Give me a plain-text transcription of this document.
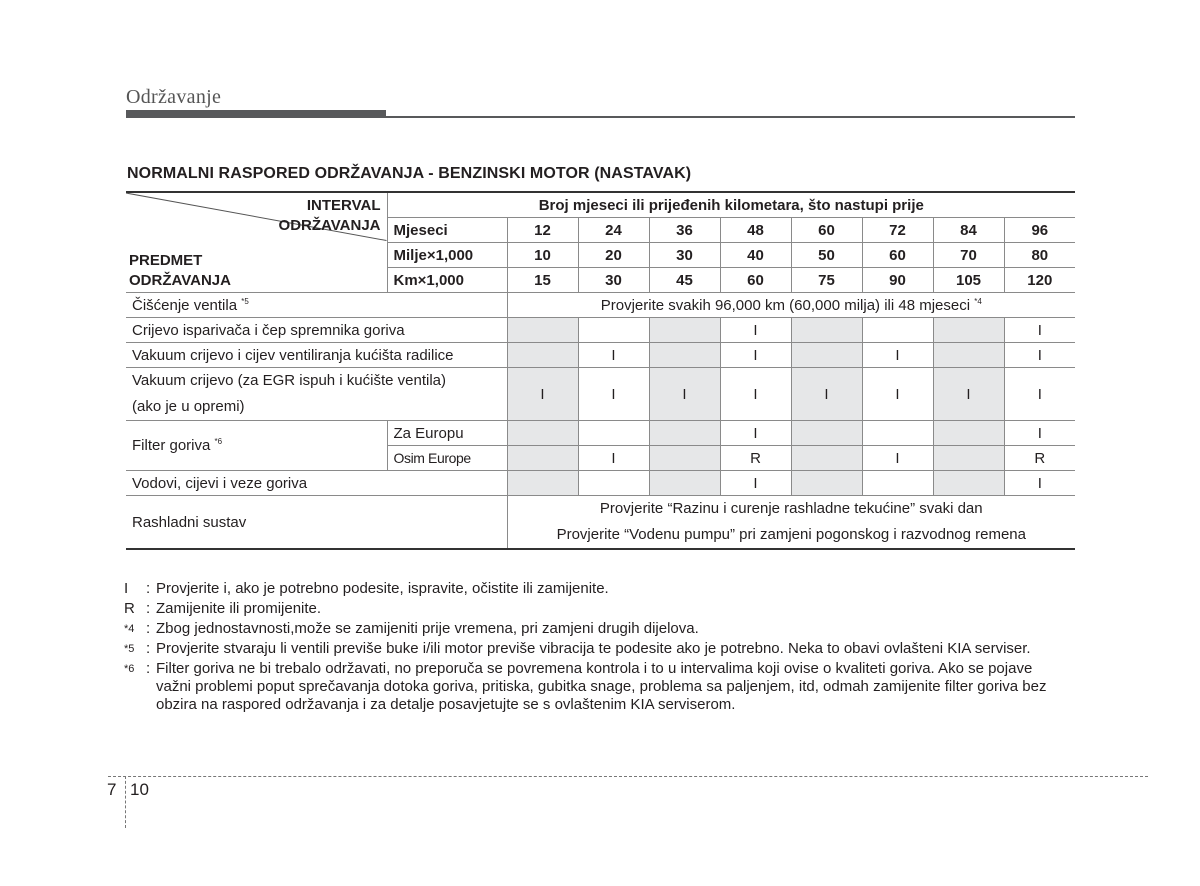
Održavanje
NORMALNI RASPORED ODRŽAVANJA - BENZINSKI MOTOR (NASTAVAK)
INTERVAL
ODRŽAVANJA
PREDMET
ODRŽAVANJA	Broj mjeseci ili prijeđenih kilometara, što nastupi prije								
	Mjeseci	12	24	36	48	60	72	84	96
	Milje×1,000	10	20	30	40	50	60	70	80
	Km×1,000	15	30	45	60	75	90	105	120
Čišćenje ventila $^{*5}$		Provjerite svakih 96,000 km (60,000 milja) ili 48 mjeseci $^{*4}$
Crijevo isparivača i čep spremnika goriva					I				I
Vakuum crijevo i cijev ventiliranja kućišta radilice			I		I		I		I

Vakuum crijevo (za EGR ispuh i kućište ventila)
(ako je u opremi)		I	I	I	I	I	I	I	I
Filter goriva $^{*6}$	Za Europu				I				I
	Osim Europe		I		R		I		R
Vodovi, cijevi i veze goriva					I				I
Rashladni sustav		Provjerite “Razinu i curenje rashladne tekućine” svaki dan
Provjerite “Vodenu pumpu” pri zamjeni pogonskog i razvodnog remena							
I	: Provjerite i, ako je potrebno podesite, ispravite, očistite ili zamijenite.
R : Zamijenite ili promijenite.
*4 : Zbog jednostavnosti,može se zamijeniti prije vremena, pri zamjeni drugih dijelova.
*5 : Provjerite stvaraju li ventili previše buke i/ili motor previše vibracija te podesite ako je potrebno. Neka to obavi ovlašteni KIA serviser.
*6 : Filter goriva ne bi trebalo održavati, no preporuča se povremena kontrola i to u intervalima koji ovise o kvaliteti goriva. Ako se pojave važni problemi poput sprečavanja dotoka goriva, pritiska, gubitka snage, problema sa paljenjem, itd, odmah zamijenite filter goriva bez obzira na raspored održavanja i za detalje posavjetujte se s ovlaštenim KIA serviserom.
7 10
